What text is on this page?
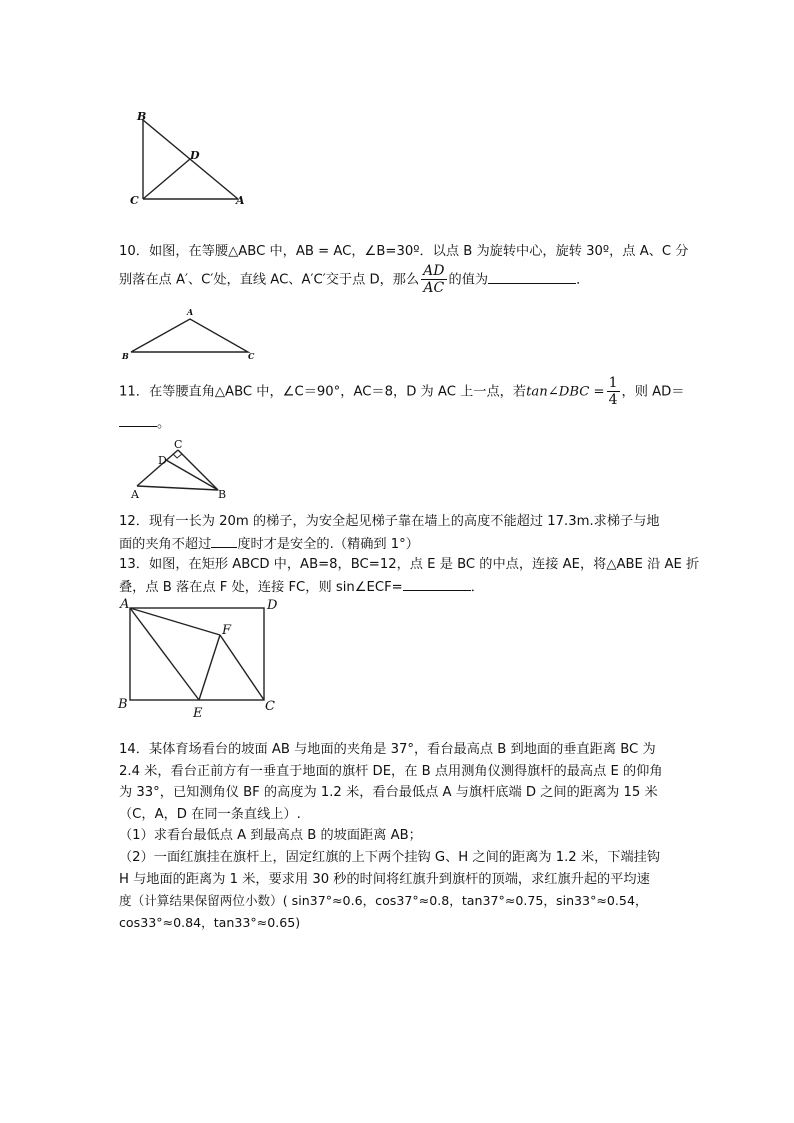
B
D
C	A
10．如图，在等腰△ABC 中，AB = AC，∠B=30º．以点 B 为旋转中心，旋转 30º，点 A、C 分
别落在点 A′、C′处，直线 AC、A′C′交于点 D，那么 $\frac{AD}{AC}$ 的值为	．
A
B	C
11．在等腰直角△ABC 中，∠C＝90°，AC＝8，D 为 AC 上一点，若tan∠DBC = $\frac{1}{4}$ ，则 AD＝
。
C
D
A	B
12．现有一长为 20m 的梯子，为安全起见梯子靠在墙上的高度不能超过 17.3m.求梯子与地
面的夹角不超过 度时才是安全的.（精确到 1°）
13．如图，在矩形 ABCD 中，AB=8，BC=12，点 E 是 BC 的中点，连接 AE，将△ABE 沿 AE 折
叠，点 B 落在点 F 处，连接 FC，则 sin∠ECF=	．
A	D
F
B
E	C
14．某体育场看台的坡面 AB 与地面的夹角是 37°，看台最高点 B 到地面的垂直距离 BC 为
2.4 米，看台正前方有一垂直于地面的旗杆 DE，在 B 点用测角仪测得旗杆的最高点 E 的仰角
为 33°，已知测角仪 BF 的高度为 1.2 米，看台最低点 A 与旗杆底端 D 之间的距离为 15 米
（C，A，D 在同一条直线上）.
（1）求看台最低点 A 到最高点 B 的坡面距离 AB；
（2）一面红旗挂在旗杆上，固定红旗的上下两个挂钩 G、H 之间的距离为 1.2 米，下端挂钩
H 与地面的距离为 1 米，要求用 30 秒的时间将红旗升到旗杆的顶端，求红旗升起的平均速
度（计算结果保留两位小数）( sin37°≈0.6，cos37°≈0.8，tan37°≈0.75，sin33°≈0.54，
cos33°≈0.84，tan33°≈0.65)
